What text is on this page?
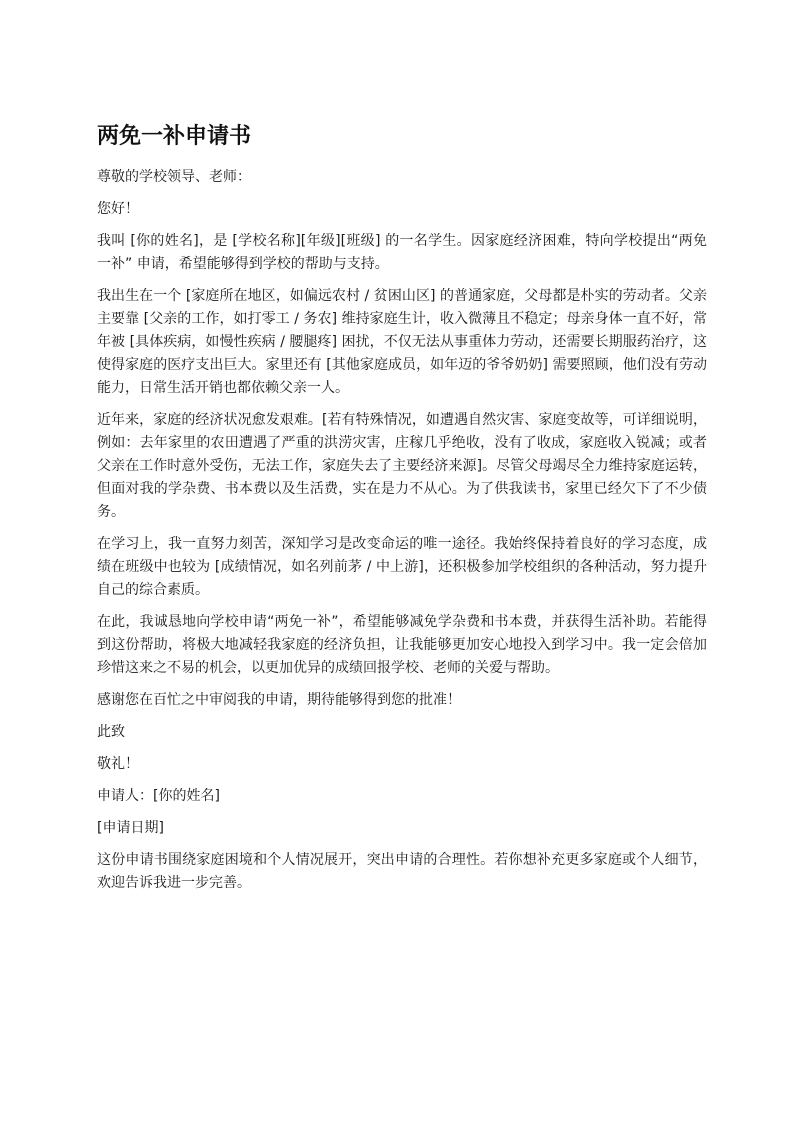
两免一补申请书

尊敬的学校领导、老师：

您好！

我叫 [你的姓名]，是 [学校名称][年级][班级] 的一名学生。因家庭经济困难，特向学校提出“两免一补” 申请，希望能够得到学校的帮助与支持。

我出生在一个 [家庭所在地区，如偏远农村 / 贫困山区] 的普通家庭，父母都是朴实的劳动者。父亲主要靠 [父亲的工作，如打零工 / 务农] 维持家庭生计，收入微薄且不稳定；母亲身体一直不好，常年被 [具体疾病，如慢性疾病 / 腰腿疼] 困扰，不仅无法从事重体力劳动，还需要长期服药治疗，这使得家庭的医疗支出巨大。家里还有 [其他家庭成员，如年迈的爷爷奶奶] 需要照顾，他们没有劳动能力，日常生活开销也都依赖父亲一人。

近年来，家庭的经济状况愈发艰难。[若有特殊情况，如遭遇自然灾害、家庭变故等，可详细说明，例如：去年家里的农田遭遇了严重的洪涝灾害，庄稼几乎绝收，没有了收成，家庭收入锐减；或者父亲在工作时意外受伤，无法工作，家庭失去了主要经济来源]。尽管父母竭尽全力维持家庭运转，但面对我的学杂费、书本费以及生活费，实在是力不从心。为了供我读书，家里已经欠下了不少债务。

在学习上，我一直努力刻苦，深知学习是改变命运的唯一途径。我始终保持着良好的学习态度，成绩在班级中也较为 [成绩情况，如名列前茅 / 中上游]，还积极参加学校组织的各种活动，努力提升自己的综合素质。

在此，我诚恳地向学校申请“两免一补”，希望能够减免学杂费和书本费，并获得生活补助。若能得到这份帮助，将极大地减轻我家庭的经济负担，让我能够更加安心地投入到学习中。我一定会倍加珍惜这来之不易的机会，以更加优异的成绩回报学校、老师的关爱与帮助。

感谢您在百忙之中审阅我的申请，期待能够得到您的批准！

此致

敬礼！

申请人：[你的姓名]

[申请日期]

这份申请书围绕家庭困境和个人情况展开，突出申请的合理性。若你想补充更多家庭或个人细节，欢迎告诉我进一步完善。
